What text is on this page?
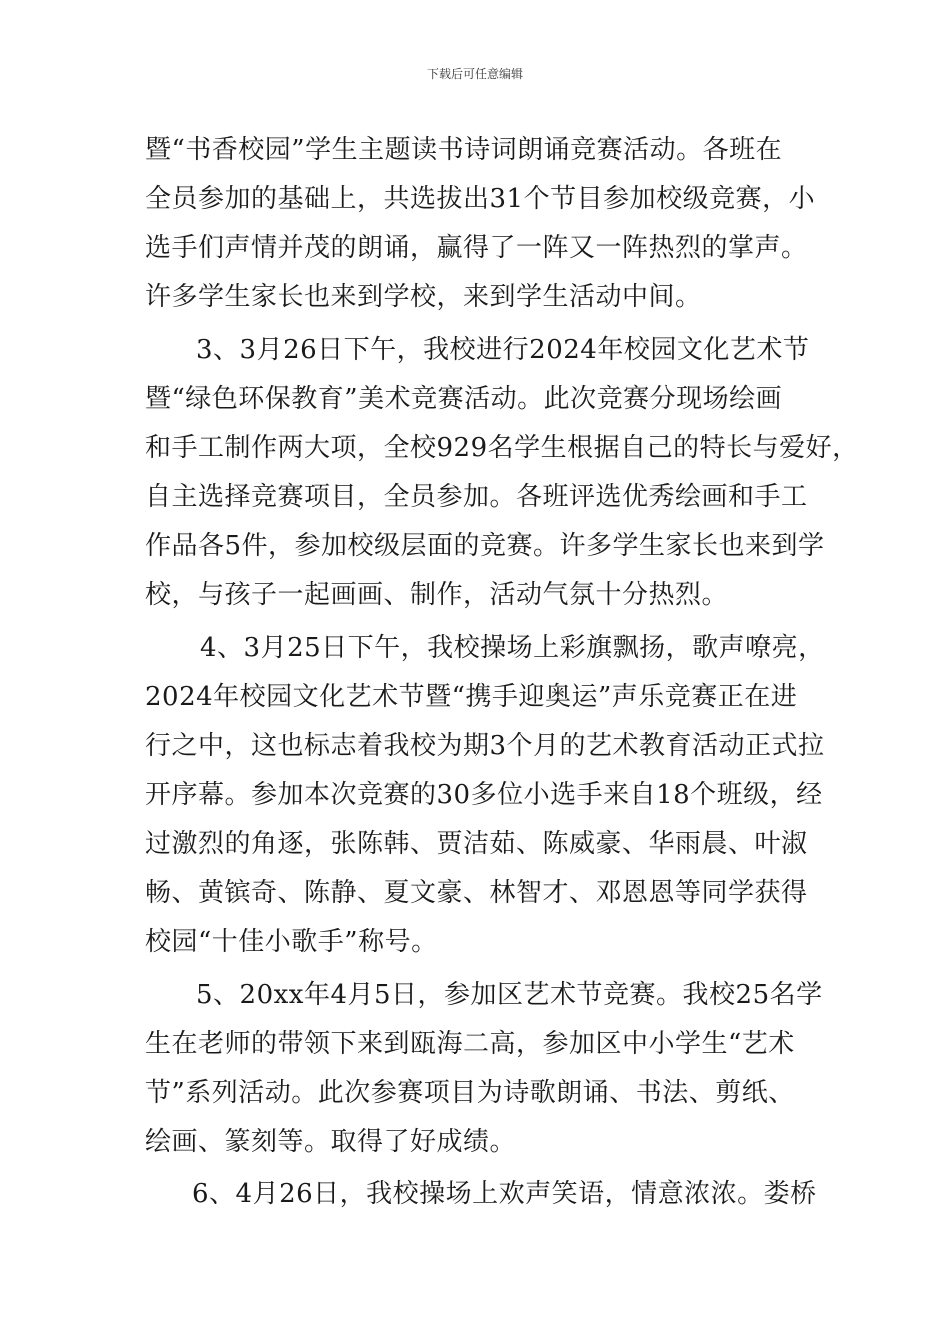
下载后可任意编辑
暨“书香校园”学生主题读书诗词朗诵竞赛活动。各班在
全员参加的基础上，共选拔出31个节目参加校级竞赛，小
选手们声情并茂的朗诵，赢得了一阵又一阵热烈的掌声。
许多学生家长也来到学校，来到学生活动中间。
3、3月26日下午，我校进行2024年校园文化艺术节
暨“绿色环保教育”美术竞赛活动。此次竞赛分现场绘画
和手工制作两大项，全校929名学生根据自己的特长与爱好，
自主选择竞赛项目，全员参加。各班评选优秀绘画和手工
作品各5件，参加校级层面的竞赛。许多学生家长也来到学
校，与孩子一起画画、制作，活动气氛十分热烈。
4、3月25日下午，我校操场上彩旗飘扬，歌声嘹亮，
2024年校园文化艺术节暨“携手迎奥运”声乐竞赛正在进
行之中，这也标志着我校为期3个月的艺术教育活动正式拉
开序幕。参加本次竞赛的30多位小选手来自18个班级，经
过激烈的角逐，张陈韩、贾洁茹、陈威豪、华雨晨、叶淑
畅、黄镔奇、陈静、夏文豪、林智才、邓恩恩等同学获得
校园“十佳小歌手”称号。
5、20xx年4月5日，参加区艺术节竞赛。我校25名学
生在老师的带领下来到瓯海二高，参加区中小学生“艺术
节”系列活动。此次参赛项目为诗歌朗诵、书法、剪纸、
绘画、篆刻等。取得了好成绩。
6、4月26日，我校操场上欢声笑语，情意浓浓。娄桥
